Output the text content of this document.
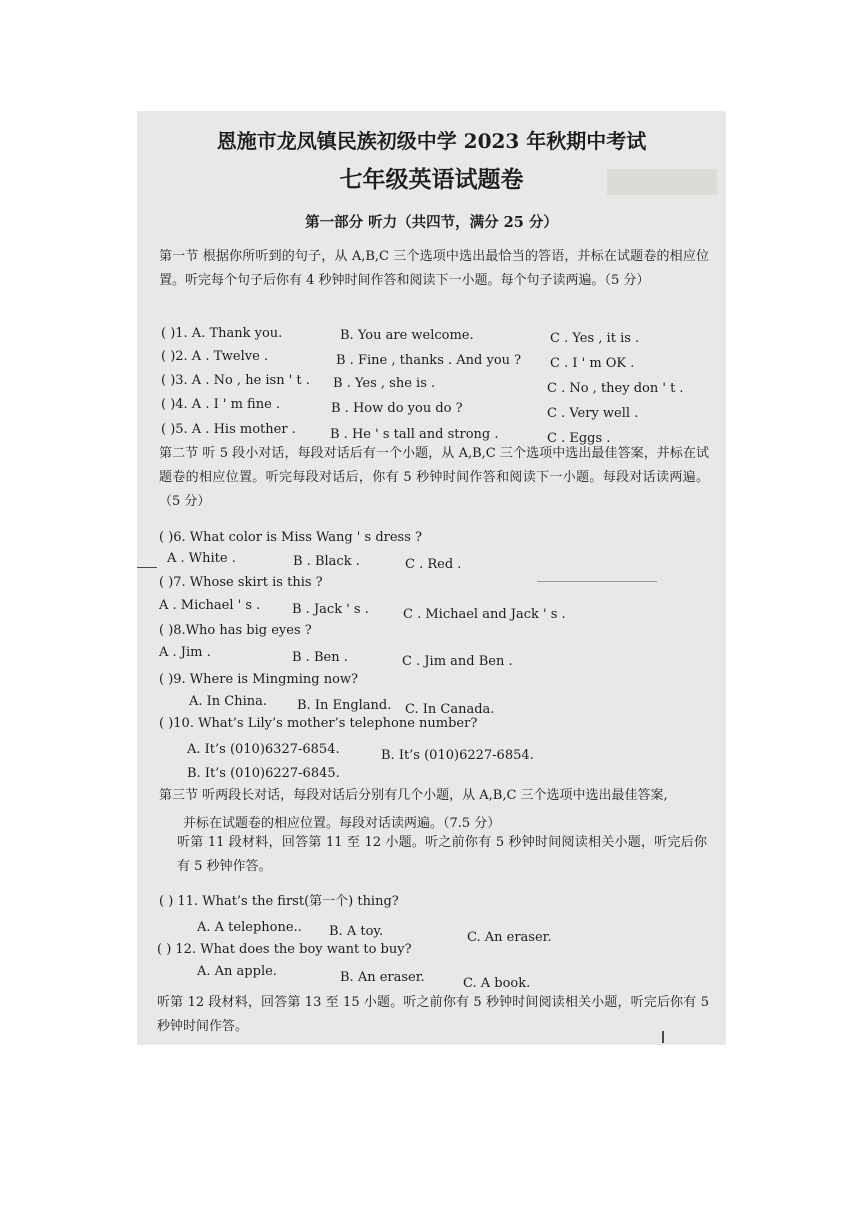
恩施市龙凤镇民族初级中学 2023 年秋期中考试
七年级英语试题卷
第一部分 听力（共四节，满分 25 分）
第一节 根据你所听到的句子，从 A,B,C 三个选项中选出最恰当的答语，并标在试题卷的相应位置。听完每个句子后你有 4 秒钟时间作答和阅读下一小题。每个句子读两遍。（5 分）
( )1. A. Thank you.	B. You are welcome.	C . Yes , it is .
( )2. A . Twelve .	B . Fine , thanks . And you ? C . I ' m OK .
( )3. A . No , he isn ' t . B . Yes , she is .	C . No , they don ' t .
( )4. A . I ' m fine .	B . How do you do ?	C . Very well .
( )5. A . His mother .	B . He ' s tall and strong .	C . Eggs .
第二节 听 5 段小对话，每段对话后有一个小题，从 A,B,C 三个选项中选出最佳答案，并标在试题卷的相应位置。听完每段对话后，你有 5 秒钟时间作答和阅读下一小题。每段对话读两遍。（5 分）
( )6. What color is Miss Wang ' s dress ?
A . White .	B . Black .	C . Red .
( )7. Whose skirt is this ?
A . Michael ' s . B . Jack ' s .	C . Michael and Jack ' s .
( )8.Who has big eyes ?
A . Jim .	B . Ben .	C . Jim and Ben .
( )9. Where is Mingming now?
A. In China. B. In England. C. In Canada.
( )10. What’s Lily’s mother’s telephone number?
A. It’s (010)6327-6854.	B. It’s (010)6227-6854.
B. It’s (010)6227-6845.
第三节 听两段长对话，每段对话后分别有几个小题，从 A,B,C 三个选项中选出最佳答案,
并标在试题卷的相应位置。每段对话读两遍。（7.5 分）
听第 11 段材料，回答第 11 至 12 小题。听之前你有 5 秒钟时间阅读相关小题，听完后你有 5 秒钟作答。
( ) 11. What’s the first(第一个) thing?
A. A telephone.. B. A toy.	C. An eraser.
( ) 12. What does the boy want to buy?
A. An apple.	B. An eraser.	C. A book.
听第 12 段材料，回答第 13 至 15 小题。听之前你有 5 秒钟时间阅读相关小题，听完后你有 5 秒钟时间作答。
